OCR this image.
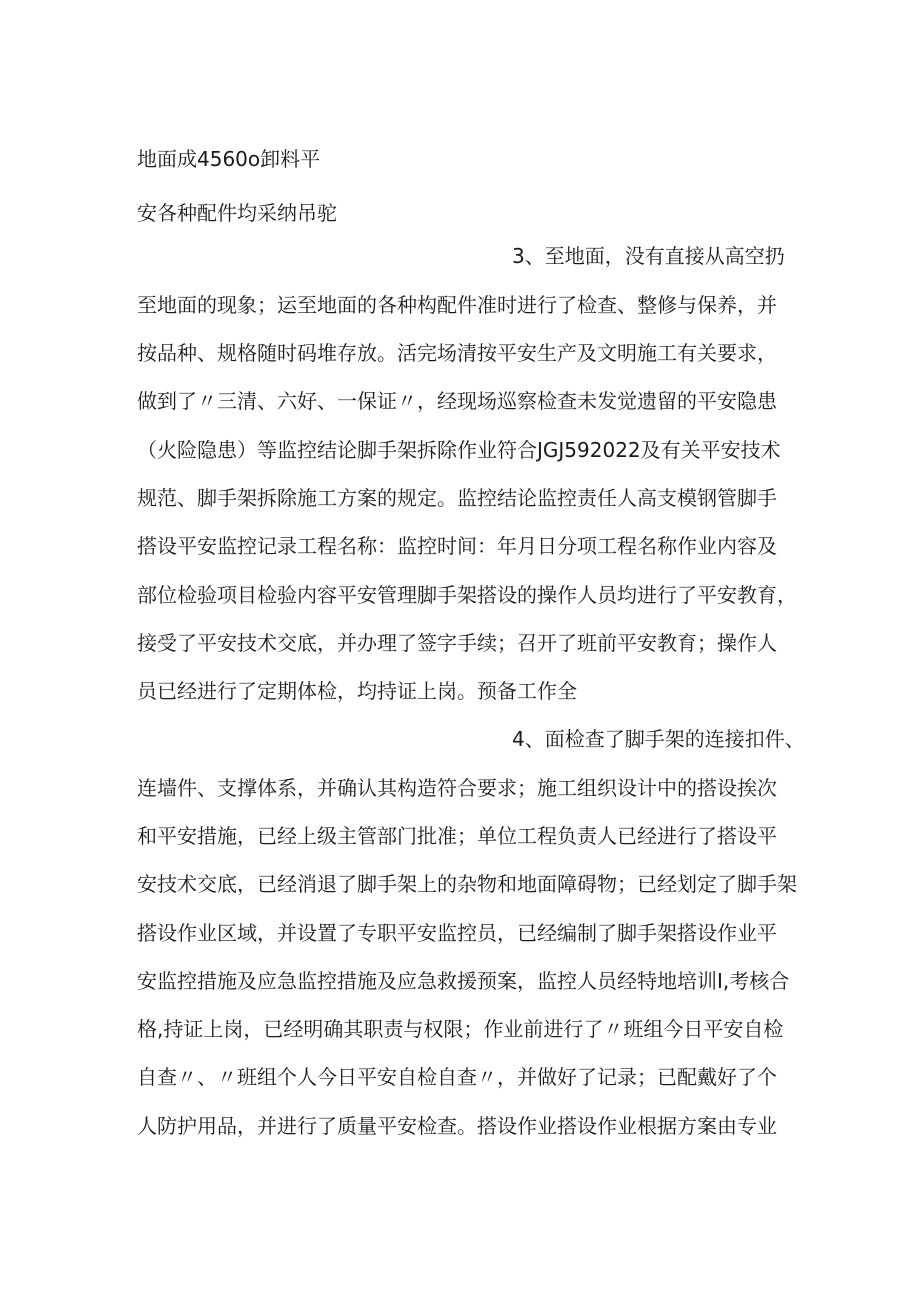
地面成4560o卸料平
安各种配件均采纳吊驼
3、至地面，没有直接从高空扔
至地面的现象；运至地面的各种构配件准时进行了检查、整修与保养，并
按品种、规格随时码堆存放。活完场清按平安生产及文明施工有关要求，
做到了〃三清、六好、一保证〃，经现场巡察检查未发觉遗留的平安隐患
（火险隐患）等监控结论脚手架拆除作业符合JGJ592022及有关平安技术
规范、脚手架拆除施工方案的规定。监控结论监控责任人高支模钢管脚手
搭设平安监控记录工程名称：监控时间：年月日分项工程名称作业内容及
部位检验项目检验内容平安管理脚手架搭设的操作人员均进行了平安教育，
接受了平安技术交底，并办理了签字手续；召开了班前平安教育；操作人
员已经进行了定期体检，均持证上岗。预备工作全
4、面检查了脚手架的连接扣件、
连墙件、支撑体系，并确认其构造符合要求；施工组织设计中的搭设挨次
和平安措施，已经上级主管部门批准；单位工程负责人已经进行了搭设平
安技术交底，已经消退了脚手架上的杂物和地面障碍物；已经划定了脚手架
搭设作业区域，并设置了专职平安监控员，已经编制了脚手架搭设作业平
安监控措施及应急监控措施及应急救援预案，监控人员经特地培训I,考核合
格,持证上岗，已经明确其职责与权限；作业前进行了〃班组今日平安自检
自查〃、〃班组个人今日平安自检自查〃，并做好了记录；已配戴好了个
人防护用品，并进行了质量平安检查。搭设作业搭设作业根据方案由专业
